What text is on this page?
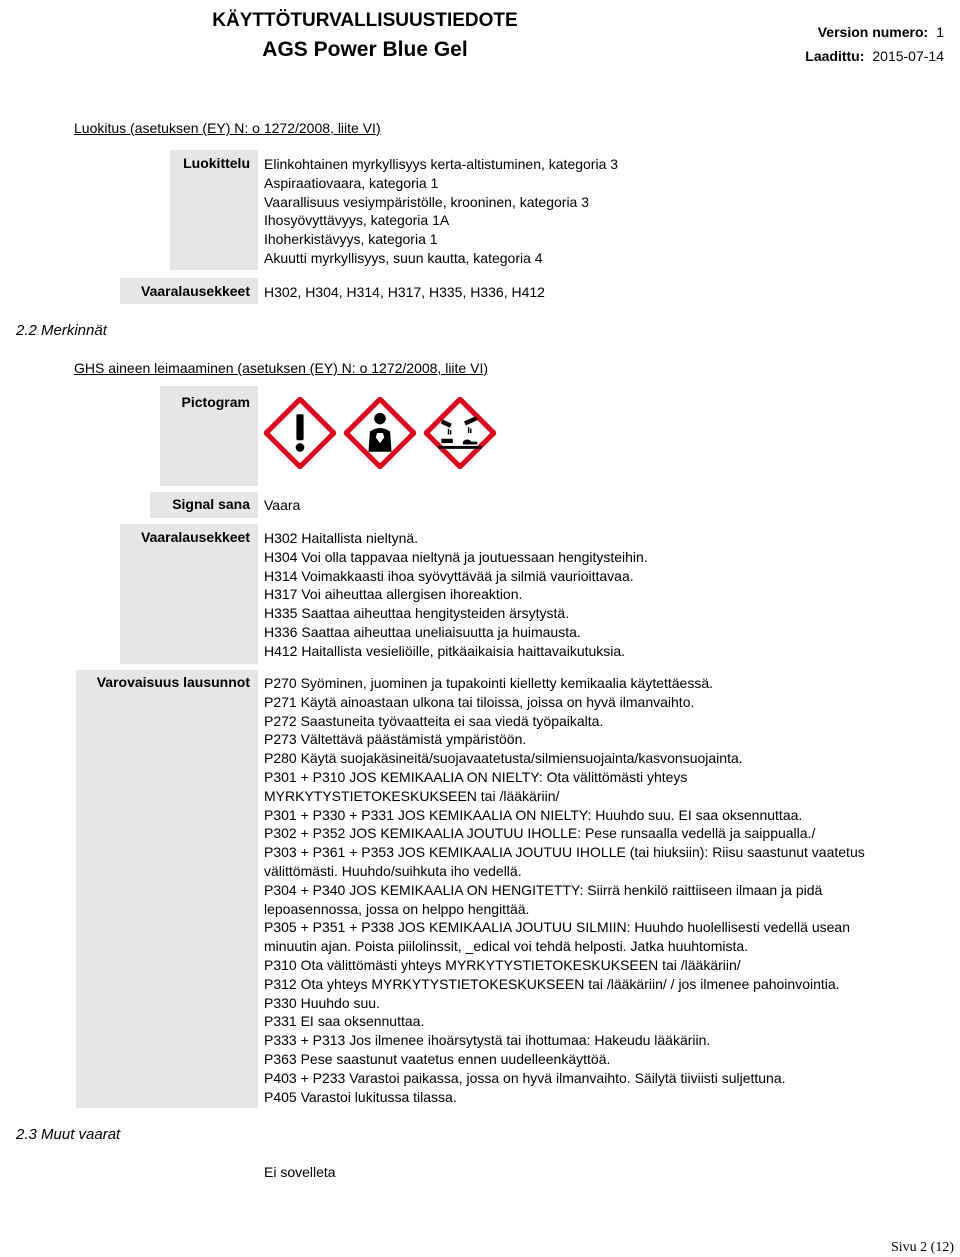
KÄYTTÖTURVALLISUUSTIEDOTE
AGS Power Blue Gel
Version numero: 1
Laadittu: 2015-07-14
Luokitus (asetuksen (EY) N: o 1272/2008, liite VI)
Luokittelu Elinkohtainen myrkyllisyys kerta-altistuminen, kategoria 3
Aspiraatiovaara, kategoria 1
Vaarallisuus vesiympäristölle, krooninen, kategoria 3
Ihosyövyttävyys, kategoria 1A
Ihoherkistävyys, kategoria 1
Akuutti myrkyllisyys, suun kautta, kategoria 4
Vaaralausekkeet H302, H304, H314, H317, H335, H336, H412
2.2 Merkinnät
GHS aineen leimaaminen (asetuksen (EY) N: o 1272/2008, liite VI)
Pictogram
Signal sana Vaara
Vaaralausekkeet H302 Haitallista nieltynä.
H304 Voi olla tappavaa nieltynä ja joutuessaan hengitysteihin.
H314 Voimakkaasti ihoa syövyttävää ja silmiä vaurioittavaa.
H317 Voi aiheuttaa allergisen ihoreaktion.
H335 Saattaa aiheuttaa hengitysteiden ärsytystä.
H336 Saattaa aiheuttaa uneliaisuutta ja huimausta.
H412 Haitallista vesieliöille, pitkäaikaisia haittavaikutuksia.
Varovaisuus lausunnot P270 Syöminen, juominen ja tupakointi kielletty kemikaalia käytettäessä.
P271 Käytä ainoastaan ulkona tai tiloissa, joissa on hyvä ilmanvaihto.
P272 Saastuneita työvaatteita ei saa viedä työpaikalta.
P273 Vältettävä päästämistä ympäristöön.
P280 Käytä suojakäsineitä/suojavaatetusta/silmiensuojainta/kasvonsuojainta.
P301 + P310 JOS KEMIKAALIA ON NIELTY: Ota välittömästi yhteys
MYRKYTYSTIETOKESKUKSEEN tai /lääkäriin/
P301 + P330 + P331 JOS KEMIKAALIA ON NIELTY: Huuhdo suu. EI saa oksennuttaa.
P302 + P352 JOS KEMIKAALIA JOUTUU IHOLLE: Pese runsaalla vedellä ja saippualla./
P303 + P361 + P353 JOS KEMIKAALIA JOUTUU IHOLLE (tai hiuksiin): Riisu saastunut vaatetus
välittömästi. Huuhdo/suihkuta iho vedellä.
P304 + P340 JOS KEMIKAALIA ON HENGITETTY: Siirrä henkilö raittiiseen ilmaan ja pidä
lepoasennossa, jossa on helppo hengittää.
P305 + P351 + P338 JOS KEMIKAALIA JOUTUU SILMIIN: Huuhdo huolellisesti vedellä usean
minuutin ajan. Poista piilolinssit, _edical voi tehdä helposti. Jatka huuhtomista.
P310 Ota välittömästi yhteys MYRKYTYSTIETOKESKUKSEEN tai /lääkäriin/
P312 Ota yhteys MYRKYTYSTIETOKESKUKSEEN tai /lääkäriin/ / jos ilmenee pahoinvointia.
P330 Huuhdo suu.
P331 EI saa oksennuttaa.
P333 + P313 Jos ilmenee ihoärsytystä tai ihottumaa: Hakeudu lääkäriin.
P363 Pese saastunut vaatetus ennen uudelleenkäyttöä.
P403 + P233 Varastoi paikassa, jossa on hyvä ilmanvaihto. Säilytä tiiviisti suljettuna.
P405 Varastoi lukitussa tilassa.
2.3 Muut vaarat
Ei sovelleta
Sivu 2 (12)
